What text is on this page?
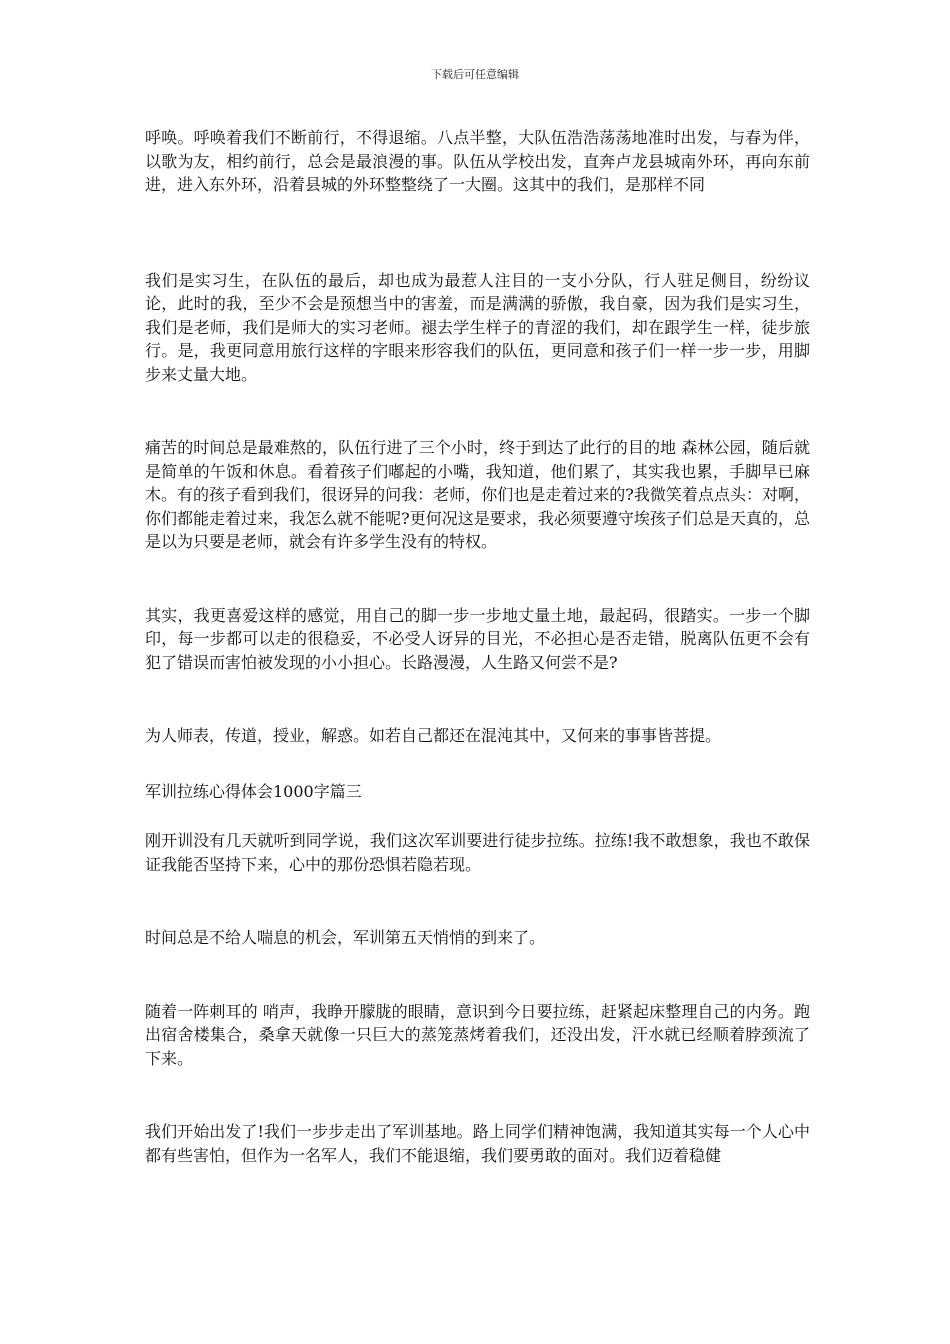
下载后可任意编辑

呼唤。呼唤着我们不断前行，不得退缩。八点半整，大队伍浩浩荡荡地准时出发，与春为伴，以歌为友，相约前行，总会是最浪漫的事。队伍从学校出发，直奔卢龙县城南外环，再向东前进，进入东外环，沿着县城的外环整整绕了一大圈。这其中的我们，是那样不同

我们是实习生，在队伍的最后，却也成为最惹人注目的一支小分队，行人驻足侧目，纷纷议论，此时的我，至少不会是预想当中的害羞，而是满满的骄傲，我自豪，因为我们是实习生，我们是老师，我们是师大的实习老师。褪去学生样子的青涩的我们，却在跟学生一样，徒步旅行。是，我更同意用旅行这样的字眼来形容我们的队伍，更同意和孩子们一样一步一步，用脚步来丈量大地。

痛苦的时间总是最难熬的，队伍行进了三个小时，终于到达了此行的目的地 森林公园，随后就是简单的午饭和休息。看着孩子们嘟起的小嘴，我知道，他们累了，其实我也累，手脚早已麻木。有的孩子看到我们，很讶异的问我：老师，你们也是走着过来的?我微笑着点点头：对啊，你们都能走着过来，我怎么就不能呢?更何况这是要求，我必须要遵守埃孩子们总是天真的，总是以为只要是老师，就会有许多学生没有的特权。

其实，我更喜爱这样的感觉，用自己的脚一步一步地丈量土地，最起码，很踏实。一步一个脚印，每一步都可以走的很稳妥，不必受人讶异的目光，不必担心是否走错，脱离队伍更不会有犯了错误而害怕被发现的小小担心。长路漫漫，人生路又何尝不是?

为人师表，传道，授业，解惑。如若自己都还在混沌其中，又何来的事事皆菩提。

军训拉练心得体会1000字篇三

刚开训没有几天就听到同学说，我们这次军训要进行徒步拉练。拉练!我不敢想象，我也不敢保证我能否坚持下来，心中的那份恐惧若隐若现。

时间总是不给人喘息的机会，军训第五天悄悄的到来了。

随着一阵刺耳的 哨声，我睁开朦胧的眼睛，意识到今日要拉练，赶紧起床整理自己的内务。跑出宿舍楼集合，桑拿天就像一只巨大的蒸笼蒸烤着我们，还没出发，汗水就已经顺着脖颈流了下来。

我们开始出发了!我们一步步走出了军训基地。路上同学们精神饱满，我知道其实每一个人心中都有些害怕，但作为一名军人，我们不能退缩，我们要勇敢的面对。我们迈着稳健
